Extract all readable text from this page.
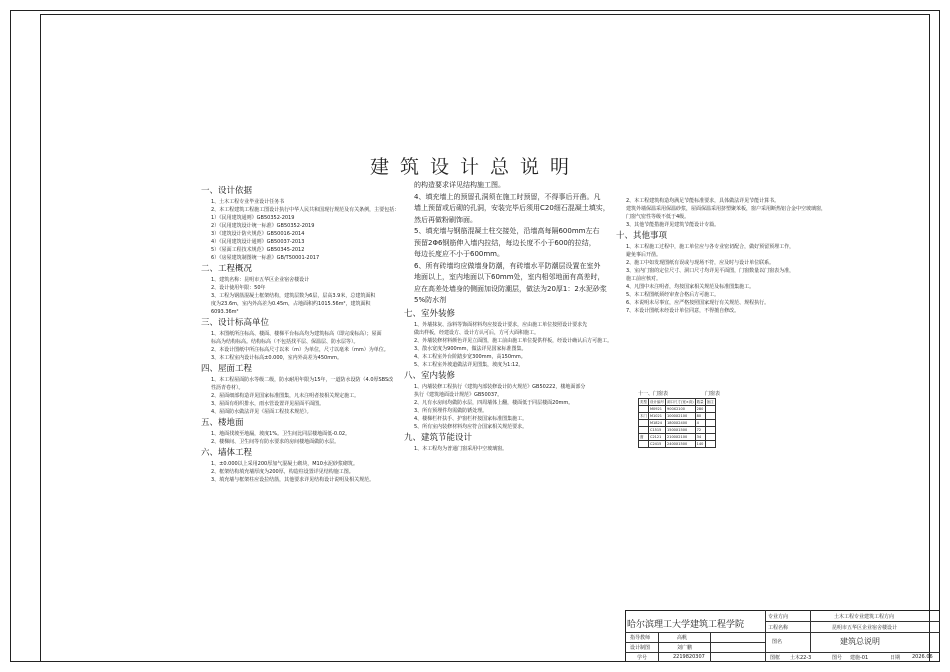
建筑设计总说明

一、设计依据

1、土木工程专业毕业设计任务书

2、本工程建筑工程施工图设计执行中华人民共和国现行规范及有关条例，主要包括：

1）《民用建筑通则》GB50352-2019

2）《民用建筑设计统一标准》GB50352-2019

3）《建筑设计防火规范》GB50016-2014

4）《民用建筑设计通则》GB50037-2013

5）《屋面工程技术规范》GB50345-2012

6）《房屋建筑制图统一标准》GB/T50001-2017

二、工程概况

1、建筑名称：昆明市五华区企业宿舍楼设计

2、设计使用年限：50年

3、工程为钢筋混凝土框架结构，建筑层数为6层，层高3.9米，总建筑面积

度为23.6m，室内外高差为0.45m，占地面积约1015.56m²，建筑面积

6093.36m²

三、设计标高单位

1、本图纸所注标高、楼面、楼梯平台标高均为建筑标高（即完成标高）；屋面

标高为结构标高。结构标高（不包括找平层、保温层、防水层等）。

2、本设计图纸中所注标高尺寸以米（m）为单位，尺寸以毫米（mm）为单位。

3、本工程室内设计标高±0.000，室内外高差为450mm。

四、屋面工程

1、本工程屋面防水等级二级，防水耐用年限为15年，一道防水设防（4.0厚SBS改

性沥青卷材）。

2、屋面细部构造详见国家标准图集，凡未注明者按相关规定施工。

3、屋面有组织排水，雨水管设置详见屋面平面图。

4、屋面防水做法详见《屋面工程技术规范》。

五、楼地面

1、地面找坡至地漏，坡度1%。卫生间比同层楼地面低-0.02。

2、楼梯间、卫生间等有防水要求的房间楼地面做防水层。

六、墙体工程

1、±0.000以上采用200厚加气混凝土砌块，M10水泥砂浆砌筑。

2、框架结构填充墙厚度为200厚，构造柱设置详见结构施工图。

3、填充墙与框架柱应设拉结筋，其他要求详见结构设计说明及相关规范。

的构造要求详见结构施工图。

4、填充墙上的预留孔洞须在施工时预留，不得事后开凿。凡

墙上预留或后砌的孔洞，安装完毕后须用C20细石混凝土填实，

然后再做粉刷饰面。

5、填充墙与钢筋混凝土柱交接处，沿墙高每隔600mm左右

预留2Φ6钢筋伸入墙内拉结，每边长度不小于600的拉结，

每边长度应不小于600mm。

6、所有砖墙均应做墙身防潮，有砖墙水平防潮层设置在室外

地面以上，室内地面以下60mm处，室内相邻地面有高差时，

应在高差处墙身的侧面加设防潮层，做法为20厚1：2水泥砂浆

5%防水剂

七、室外装修

1、外墙抹灰、涂料等饰面材料均应按设计要求，应由施工单位按照设计要求先

做出样板，经建设方、设计方认可后，方可大面积施工。

2、外墙装修材料颜色详见立面图，施工前由施工单位提供样板，经设计确认后方可施工。

3、散水宽度为900mm，做法详见国家标准图集。

4、本工程室外台阶踏步宽300mm，高150mm。

5、本工程室外坡道做法详见图集，坡度为1:12。

八、室内装修

1、内墙装修工程执行《建筑内部装修设计防火规范》GB50222，楼地面部分

执行《建筑地面设计规范》GB50037。

2、凡有水房间均做防水层，四周墙体上翻，楼面低于同层楼面20mm。

3、所有预埋件均需做防锈处理。

4、楼梯栏杆扶手、护窗栏杆按国家标准图集施工。

5、所有室内装修材料均应符合国家相关规范要求。

九、建筑节能设计

1、本工程均为普通门窗采用中空玻璃窗。

2、本工程建筑构造均满足节能标准要求，具体做法详见节能计算书。

建筑外墙保温采用保温砂浆，屋面保温采用挤塑聚苯板，窗户采用断热铝合金中空玻璃窗，

门窗气密性等级不低于4级。

3、其他节能措施详见建筑节能设计专篇。

十、其他事项

1、本工程施工过程中，施工单位应与各专业密切配合，做好预留预埋工作，

避免事后开凿。

2、施工中如发现图纸有误或与现场不符，应及时与设计单位联系。

3、室内门窗的定位尺寸、洞口尺寸均详见平面图，门窗数量以门窗表为准，

施工前应核对。

4、凡图中未注明者，均按国家相关规范及标准图集施工。

5、本工程图纸须经审查合格后方可施工。

6、本说明未尽事宜，应严格按照国家现行有关规范、规程执行。

7、本设计图纸未经设计单位同意，不得擅自修改。

十一、门窗表	门窗表
类型	设计编号	洞口尺寸(宽×高)	数量	备注
	M0921	900X2100	280	
木门	M1021	1000X2100	80	
	M1824	1800X2400	4	
	C1515	1500X1500	72	
窗	C2121	2100X2100	34	
	C2415	2400X1500	140	
哈尔滨理工大学建筑工程学院
专业方向	土木工程专业建筑工程方向
工程名称	昆明市五华区企业宿舍楼设计
指导教师	高帆
设计制图	刘广鹏
学号	2219820307
图名	建筑总说明
图框 土木22-3	图号 建施-01	日期 2026.06
